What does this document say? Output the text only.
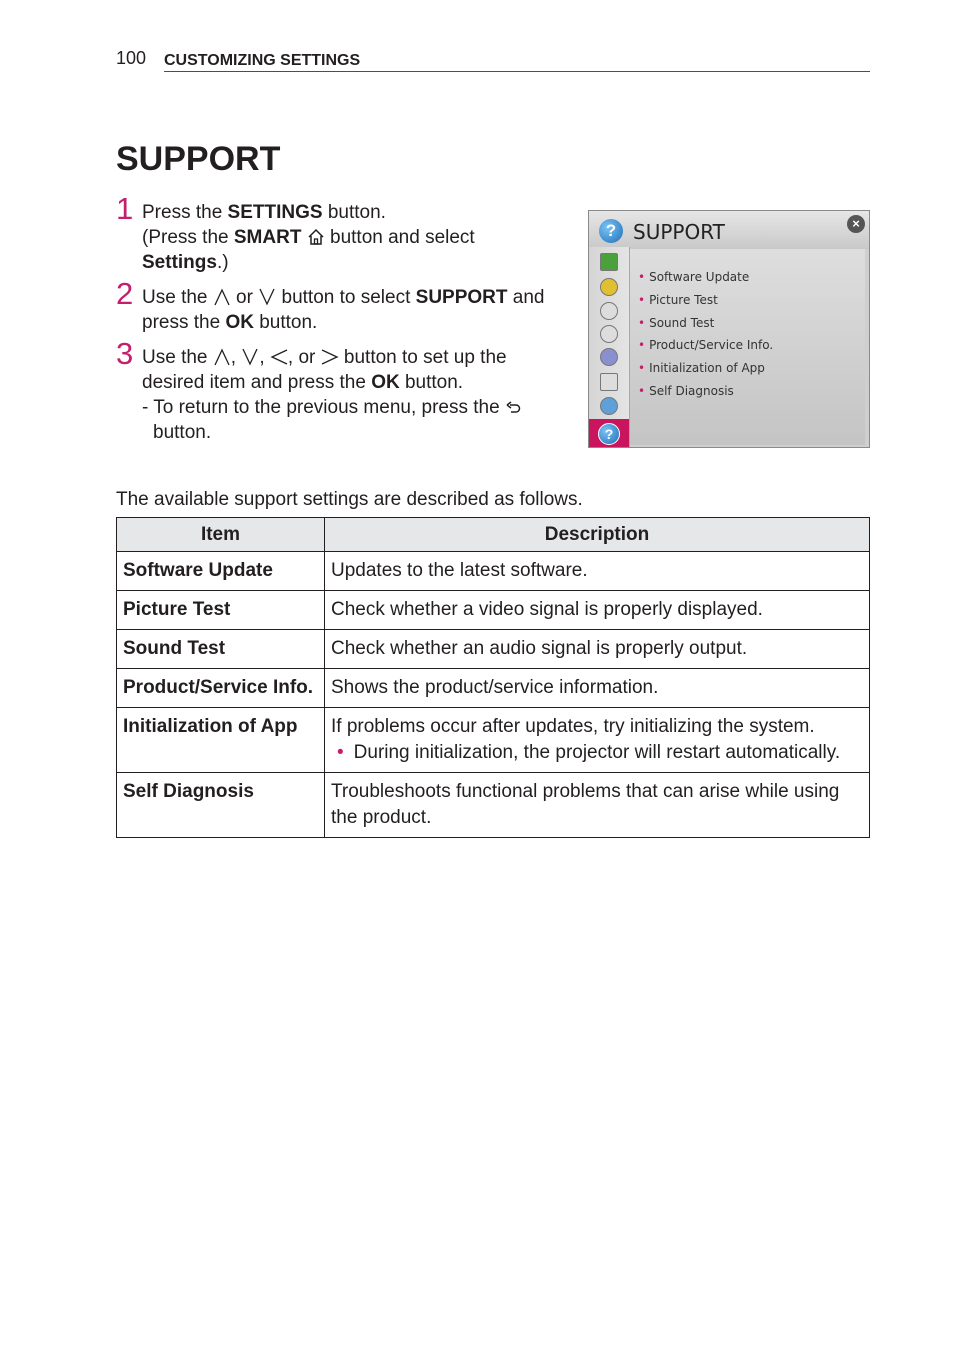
100 CUSTOMIZING SETTINGS
SUPPORT
1 Press the SETTINGS button.
(Press the SMART  button and select
Settings.)
2 Use the  or  button to select SUPPORT and
press the OK button.
3 Use the , , , or  button to set up the
desired item and press the OK button.
- To return to the previous menu, press the
button.
? SUPPORT	×
?
• Software Update
• Picture Test
• Sound Test
• Product/Service Info.
• Initialization of App
• Self Diagnosis

The available support settings are described as follows.

Item	Description
Software Update	Updates to the latest software.
Picture Test	Check whether a video signal is properly displayed.
Sound Test	Check whether an audio signal is properly output.
Product/Service Info.	Shows the product/service information.
Initialization of App	If problems occur after updates, try initializing the system.
• During initialization, the projector will restart automatically.

Self Diagnosis	Troubleshoots functional problems that can arise while using the product.
